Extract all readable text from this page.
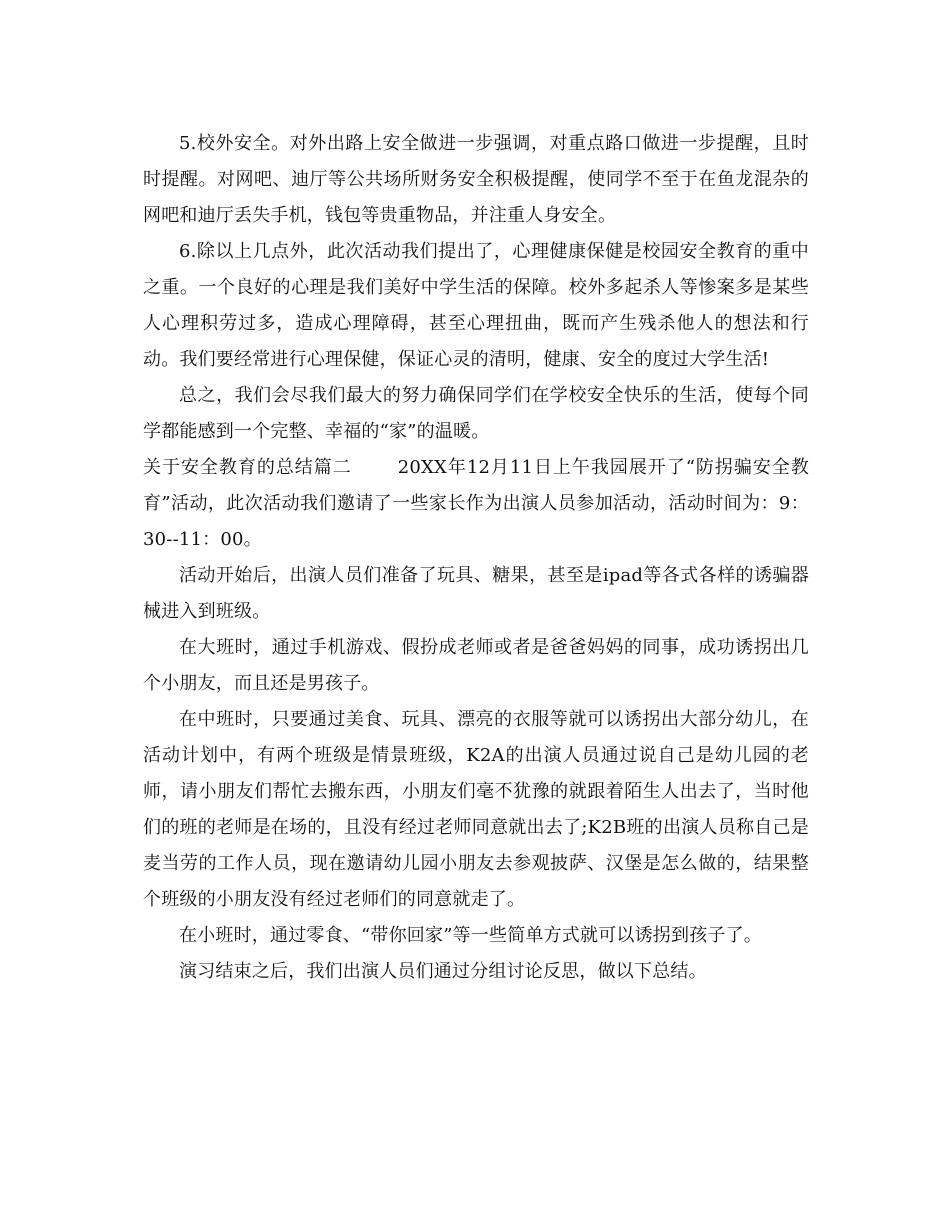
5.校外安全。对外出路上安全做进一步强调，对重点路口做进一步提醒，且时时提醒。对网吧、迪厅等公共场所财务安全积极提醒，使同学不至于在鱼龙混杂的网吧和迪厅丢失手机，钱包等贵重物品，并注重人身安全。

6.除以上几点外，此次活动我们提出了，心理健康保健是校园安全教育的重中之重。一个良好的心理是我们美好中学生活的保障。校外多起杀人等惨案多是某些人心理积劳过多，造成心理障碍，甚至心理扭曲，既而产生残杀他人的想法和行动。我们要经常进行心理保健，保证心灵的清明，健康、安全的度过大学生活!

总之，我们会尽我们最大的努力确保同学们在学校安全快乐的生活，使每个同学都能感到一个完整、幸福的“家”的温暖。

关于安全教育的总结篇二	20XX年12月11日上午我园展开了“防拐骗安全教育”活动，此次活动我们邀请了一些家长作为出演人员参加活动，活动时间为：9：30--11：00。

活动开始后，出演人员们准备了玩具、糖果，甚至是ipad等各式各样的诱骗器械进入到班级。

在大班时，通过手机游戏、假扮成老师或者是爸爸妈妈的同事，成功诱拐出几个小朋友，而且还是男孩子。

在中班时，只要通过美食、玩具、漂亮的衣服等就可以诱拐出大部分幼儿，在活动计划中，有两个班级是情景班级，K2A的出演人员通过说自己是幼儿园的老师，请小朋友们帮忙去搬东西，小朋友们毫不犹豫的就跟着陌生人出去了，当时他们的班的老师是在场的，且没有经过老师同意就出去了;K2B班的出演人员称自己是麦当劳的工作人员，现在邀请幼儿园小朋友去参观披萨、汉堡是怎么做的，结果整个班级的小朋友没有经过老师们的同意就走了。

在小班时，通过零食、“带你回家”等一些简单方式就可以诱拐到孩子了。

演习结束之后，我们出演人员们通过分组讨论反思，做以下总结。
